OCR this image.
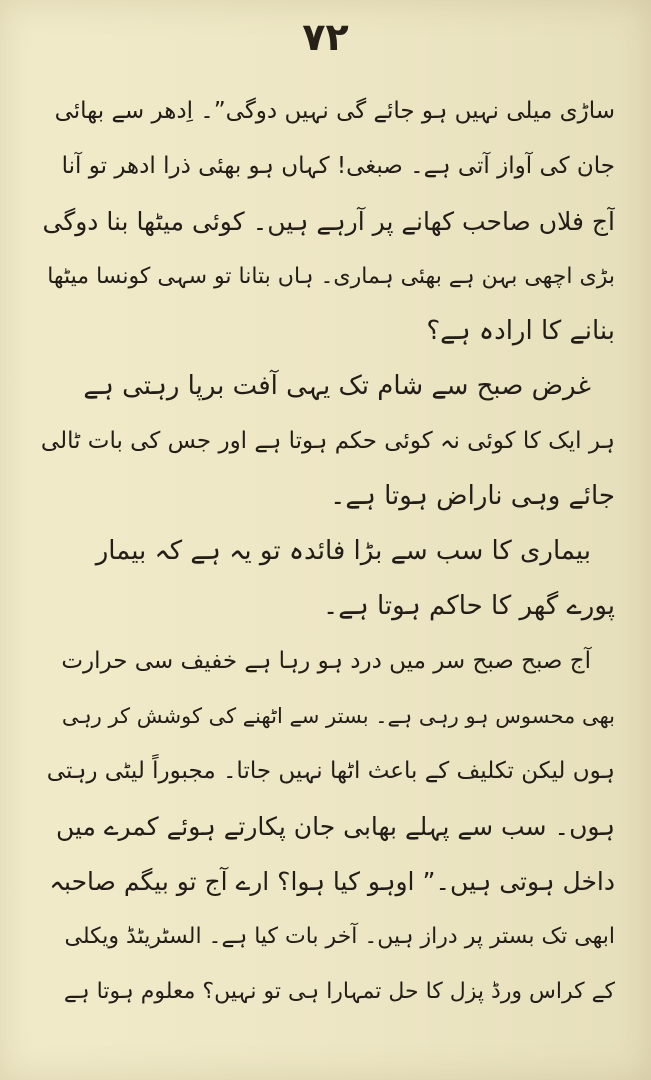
۷۲
ساڑی میلی نہیں ہو جائے گی نہیں دوگی”۔ اِدھر سے بھائی
جان کی آواز آتی ہے۔ صبغی! کہاں ہو بھئی ذرا ادھر تو آنا
آج فلاں صاحب کھانے پر آرہے ہیں۔ کوئی میٹھا بنا دوگی
بڑی اچھی بہن ہے بھئی ہماری۔ ہاں بتانا تو سہی کونسا میٹھا
بنانے کا ارادہ ہے؟
غرض صبح سے شام تک یہی آفت برپا رہتی ہے
ہر ایک کا کوئی نہ کوئی حکم ہوتا ہے اور جس کی بات ٹالی
جائے وہی ناراض ہوتا ہے۔
بیماری کا سب سے بڑا فائدہ تو یہ ہے کہ بیمار
پورے گھر کا حاکم ہوتا ہے۔
آج صبح صبح سر میں درد ہو رہا ہے خفیف سی حرارت
بھی محسوس ہو رہی ہے۔ بستر سے اٹھنے کی کوشش کر رہی
ہوں لیکن تکلیف کے باعث اٹھا نہیں جاتا۔ مجبوراً لیٹی رہتی
ہوں۔ سب سے پہلے بھابی جان پکارتے ہوئے کمرے میں
داخل ہوتی ہیں۔” اوہو کیا ہوا؟ ارے آج تو بیگم صاحبہ
ابھی تک بستر پر دراز ہیں۔ آخر بات کیا ہے۔ السٹریٹڈ ویکلی
کے کراس ورڈ پزل کا حل تمہارا ہی تو نہیں؟ معلوم ہوتا ہے
